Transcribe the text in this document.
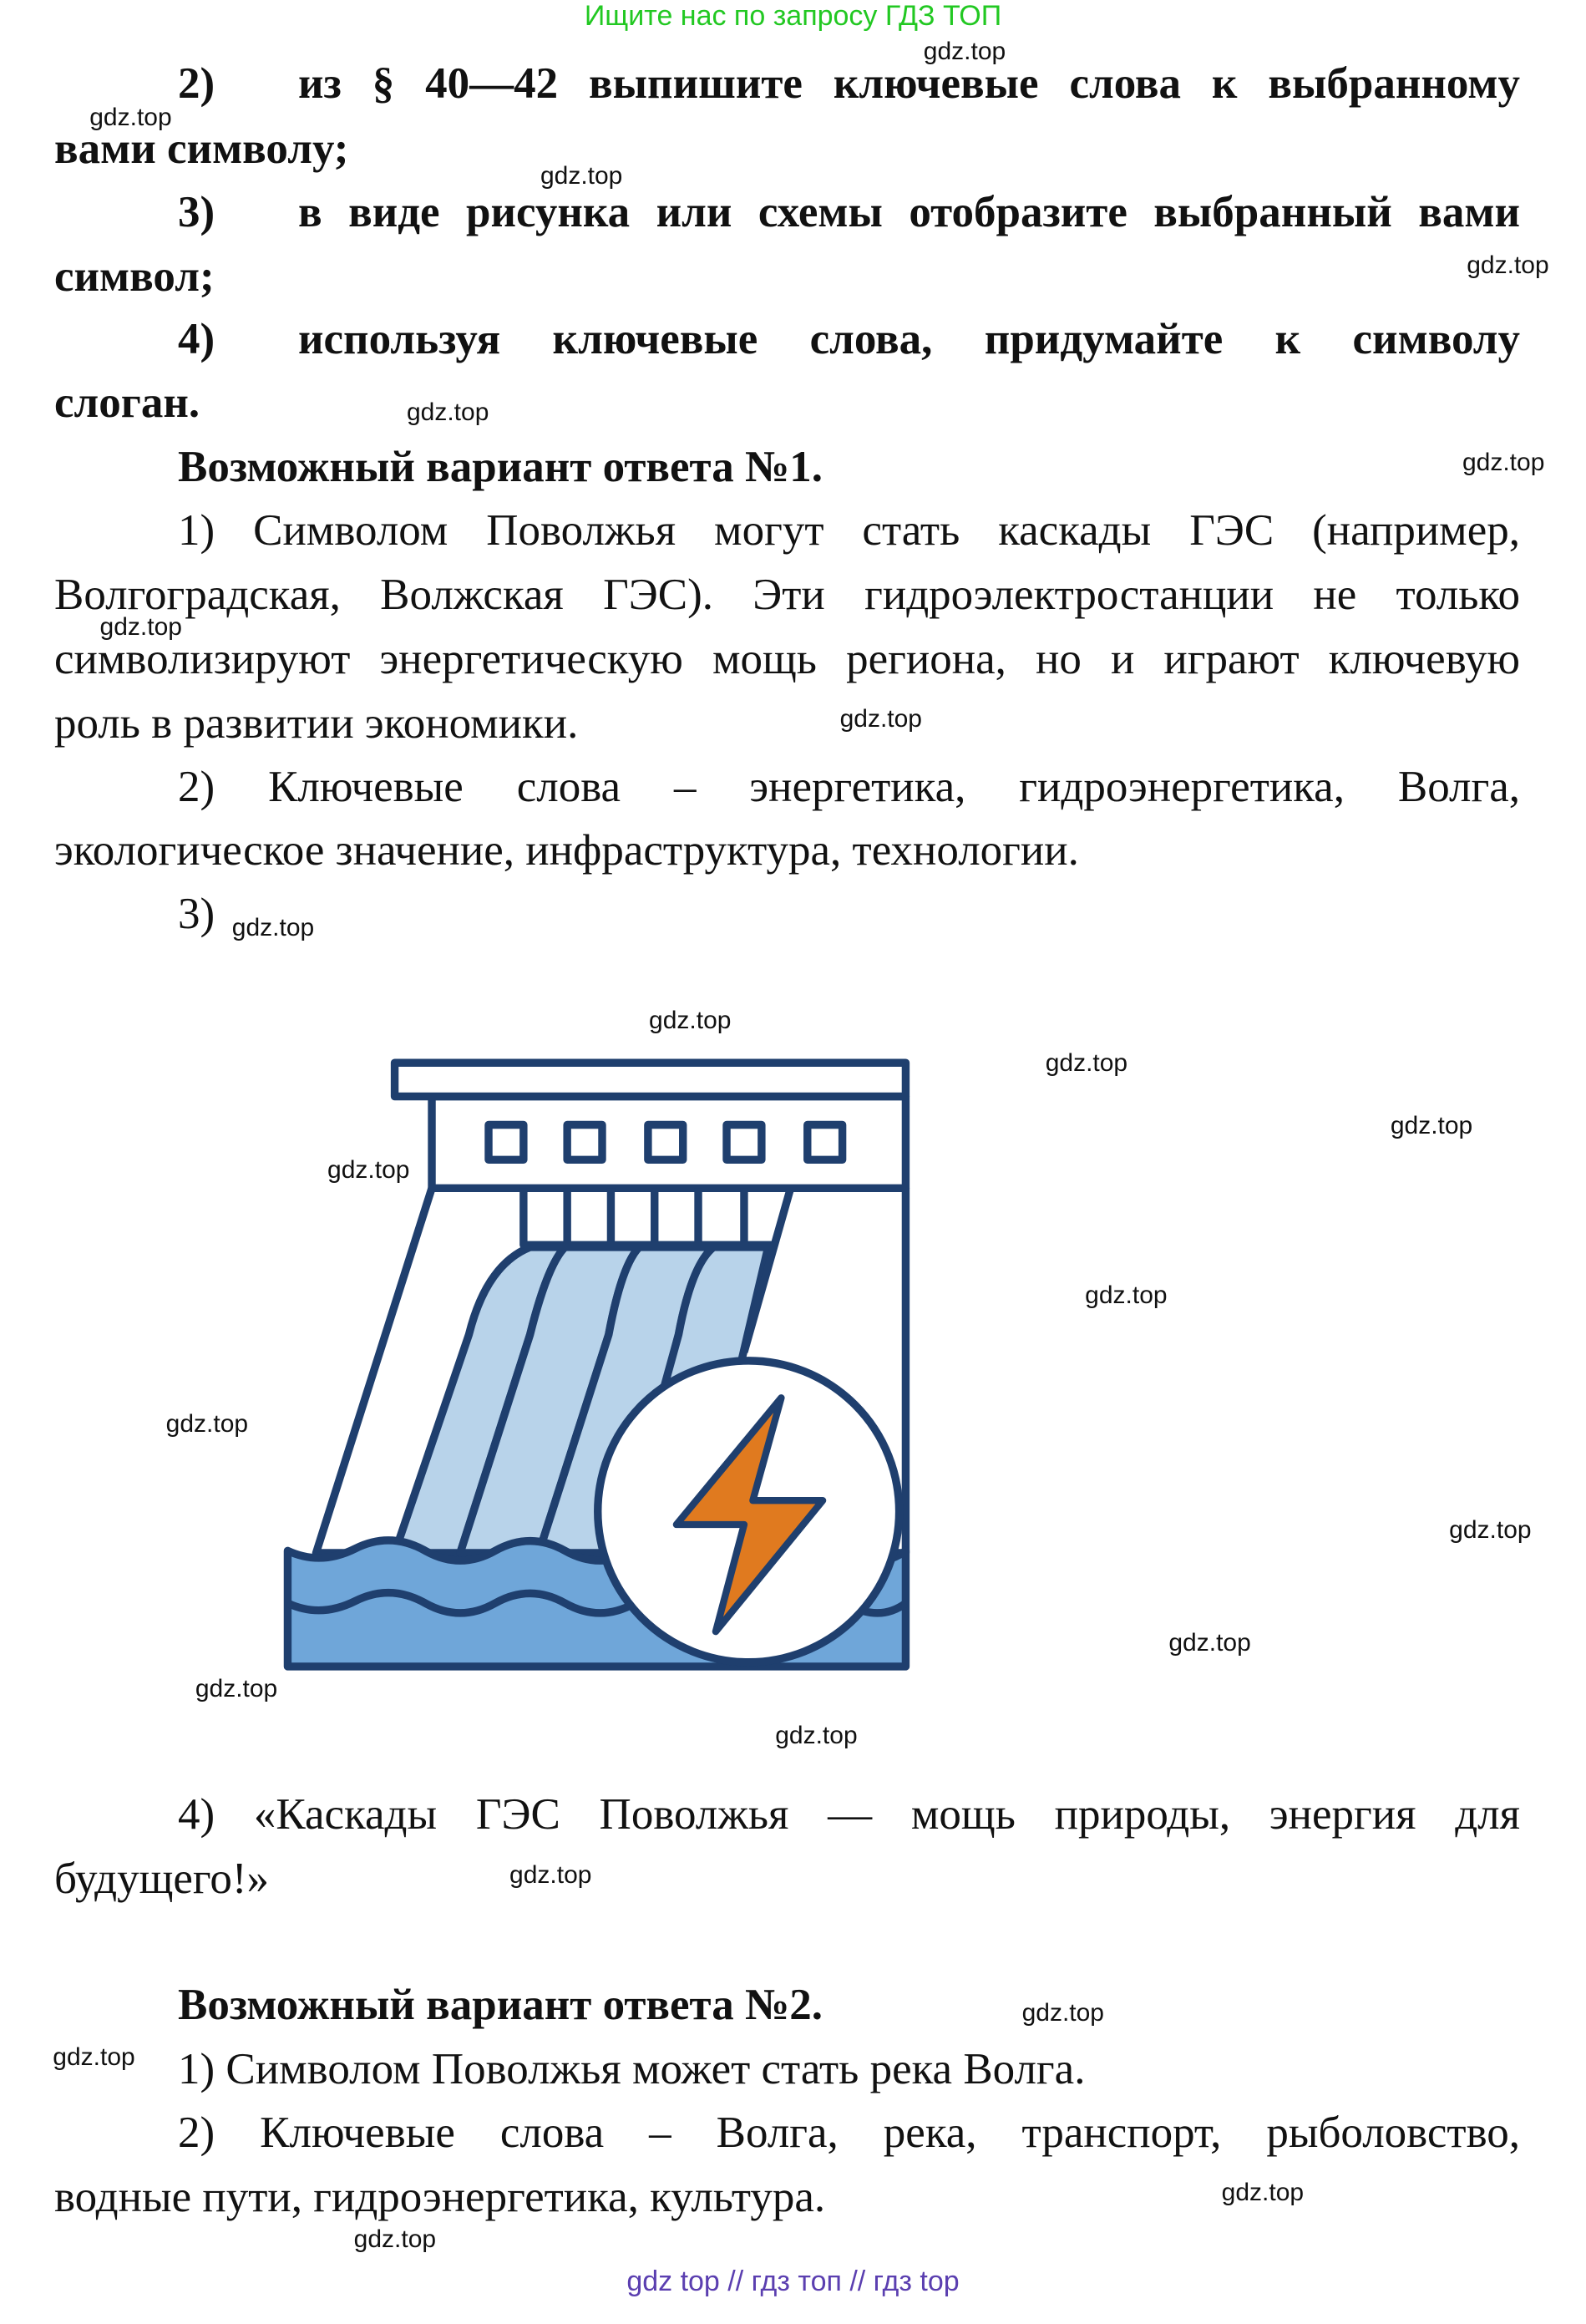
Ищите нас по запросу ГДЗ ТОП
2) из § 40—42 выпишите ключевые слова к выбранному
вами символу;
3) в виде рисунка или схемы отобразите выбранный вами
символ;
4) используя ключевые слова, придумайте к символу
слоган.
Возможный вариант ответа №1.
1) Символом Поволжья могут стать каскады ГЭС (например,
Волгоградская, Волжская ГЭС). Эти гидроэлектростанции не только
символизируют энергетическую мощь региона, но и играют ключевую
роль в развитии экономики.
2) Ключевые слова – энергетика, гидроэнергетика, Волга,
экологическое значение, инфраструктура, технологии.
3)
4) «Каскады ГЭС Поволжья — мощь природы, энергия для
будущего!»
Возможный вариант ответа №2.
1) Символом Поволжья может стать река Волга.
2) Ключевые слова – Волга, река, транспорт, рыболовство,
водные пути, гидроэнергетика, культура.
gdz top // гдз топ // гдз top
gdz.top
gdz.top
gdz.top
gdz.top
gdz.top
gdz.top
gdz.top
gdz.top
gdz.top
gdz.top
gdz.top
gdz.top
gdz.top
gdz.top
gdz.top
gdz.top
gdz.top
gdz.top
gdz.top
gdz.top
gdz.top
gdz.top
gdz.top
gdz.top
